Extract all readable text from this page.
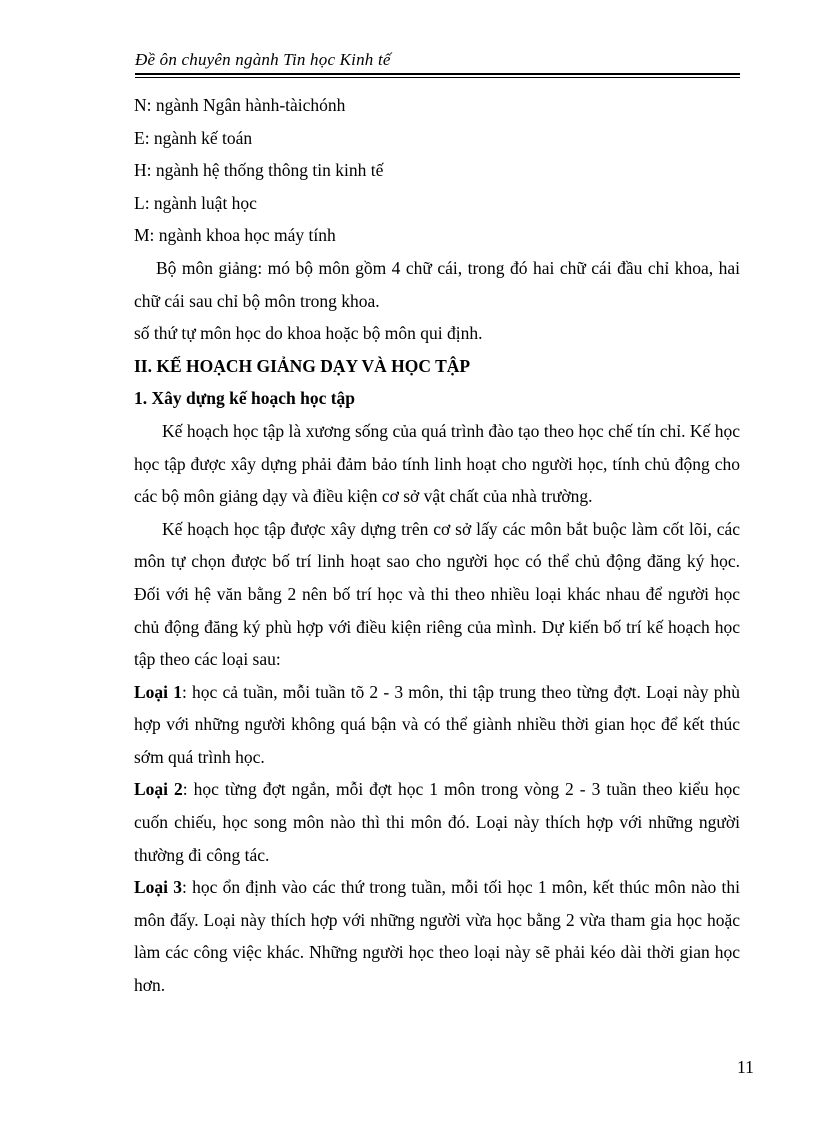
Đề ôn chuyên ngành Tin học Kinh tế

N: ngành Ngân hành-tàichónh

E: ngành kế toán

H: ngành hệ thống thông tin kinh tế

L: ngành luật học

M: ngành khoa học máy tính

Bộ môn giảng: mó bộ môn gồm 4 chữ cái, trong đó hai chữ cái đầu chỉ khoa, hai chữ cái sau chỉ bộ môn trong khoa.

số thứ tự môn học do khoa hoặc bộ môn qui định.

II. KẾ HOẠCH GIẢNG DẠY VÀ HỌC TẬP

1. Xây dựng kế hoạch học tập

Kế hoạch học tập là xương sống của quá trình đào tạo theo học chế tín chỉ. Kế học học tập được xây dựng phải đảm bảo tính linh hoạt cho người học, tính chủ động cho các bộ môn giảng dạy và điều kiện cơ sở vật chất của nhà trường.

Kế hoạch học tập được xây dựng trên cơ sở lấy các môn bắt buộc làm cốt lõi, các môn tự chọn được bố trí linh hoạt sao cho người học có thể chủ động đăng ký học. Đối với hệ văn bằng 2 nên bố trí học và thi theo nhiều loại khác nhau để người học chủ động đăng ký phù hợp với điều kiện riêng của mình. Dự kiến bố trí kế hoạch học tập theo các loại sau:

Loại 1: học cả tuần, mỗi tuần tõ 2 - 3 môn, thi tập trung theo từng đợt. Loại này phù hợp với những người không quá bận và có thể giành nhiều thời gian học để kết thúc sớm quá trình học.

Loại 2: học từng đợt ngắn, mỗi đợt học 1 môn trong vòng 2 - 3 tuần theo kiểu học cuốn chiếu, học song môn nào thì thi môn đó. Loại này thích hợp với những người thường đi công tác.

Loại 3: học ổn định vào các thứ trong tuần, mỗi tối học 1 môn, kết thúc môn nào thi môn đấy. Loại này thích hợp với những người vừa học bằng 2 vừa tham gia học hoặc làm các công việc khác. Những người học theo loại này sẽ phải kéo dài thời gian học hơn.

11
